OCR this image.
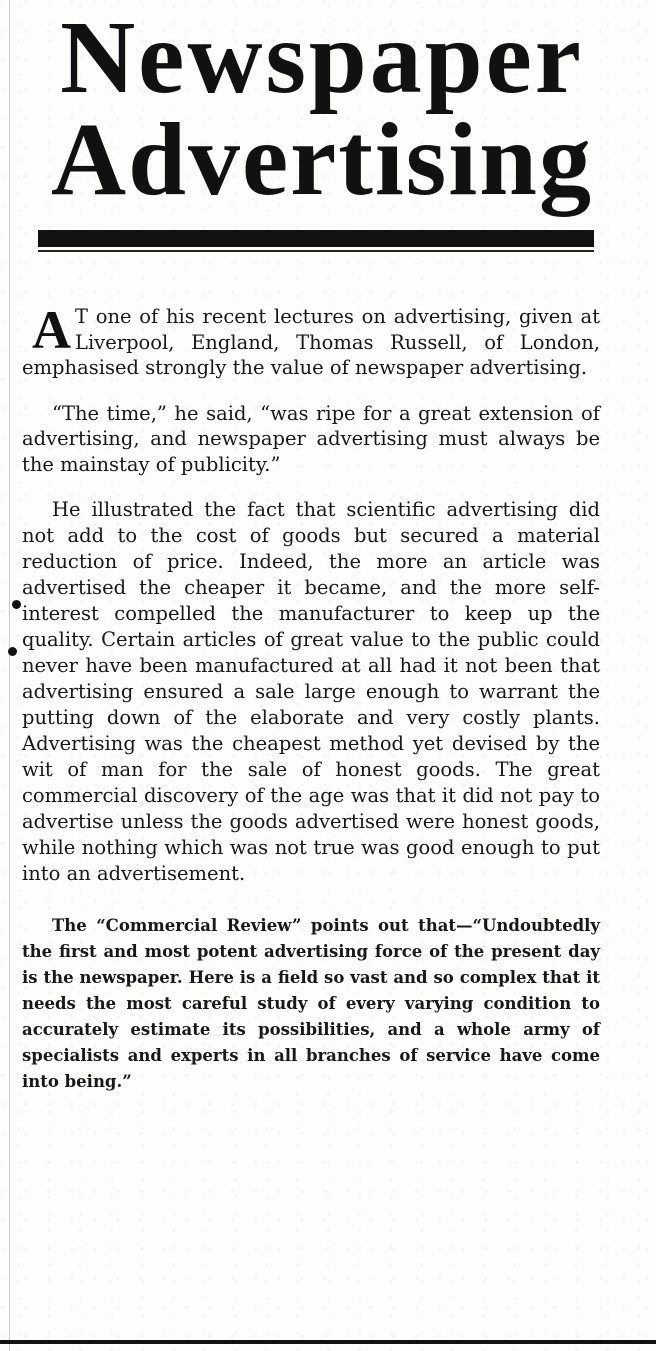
Newspaper
Advertising

A T one of his recent lectures on advertising, given at Liverpool, England, Thomas Russell, of London, emphasised strongly the value of newspaper advertising.

“The time,” he said, “was ripe for a great extension of advertising, and newspaper advertising must always be the mainstay of publicity.”

He illustrated the fact that scientific advertising did not add to the cost of goods but secured a material reduction of price. Indeed, the more an article was advertised the cheaper it became, and the more self-interest compelled the manufacturer to keep up the quality. Certain articles of great value to the public could never have been manufactured at all had it not been that advertising ensured a sale large enough to warrant the putting down of the elaborate and very costly plants. Advertising was the cheapest method yet devised by the wit of man for the sale of honest goods. The great commercial discovery of the age was that it did not pay to advertise unless the goods advertised were honest goods, while nothing which was not true was good enough to put into an advertisement.

The “Commercial Review” points out that—“Undoubtedly the first and most potent advertising force of the present day is the newspaper. Here is a field so vast and so complex that it needs the most careful study of every varying condition to accurately estimate its possibilities, and a whole army of specialists and experts in all branches of service have come into being.”
